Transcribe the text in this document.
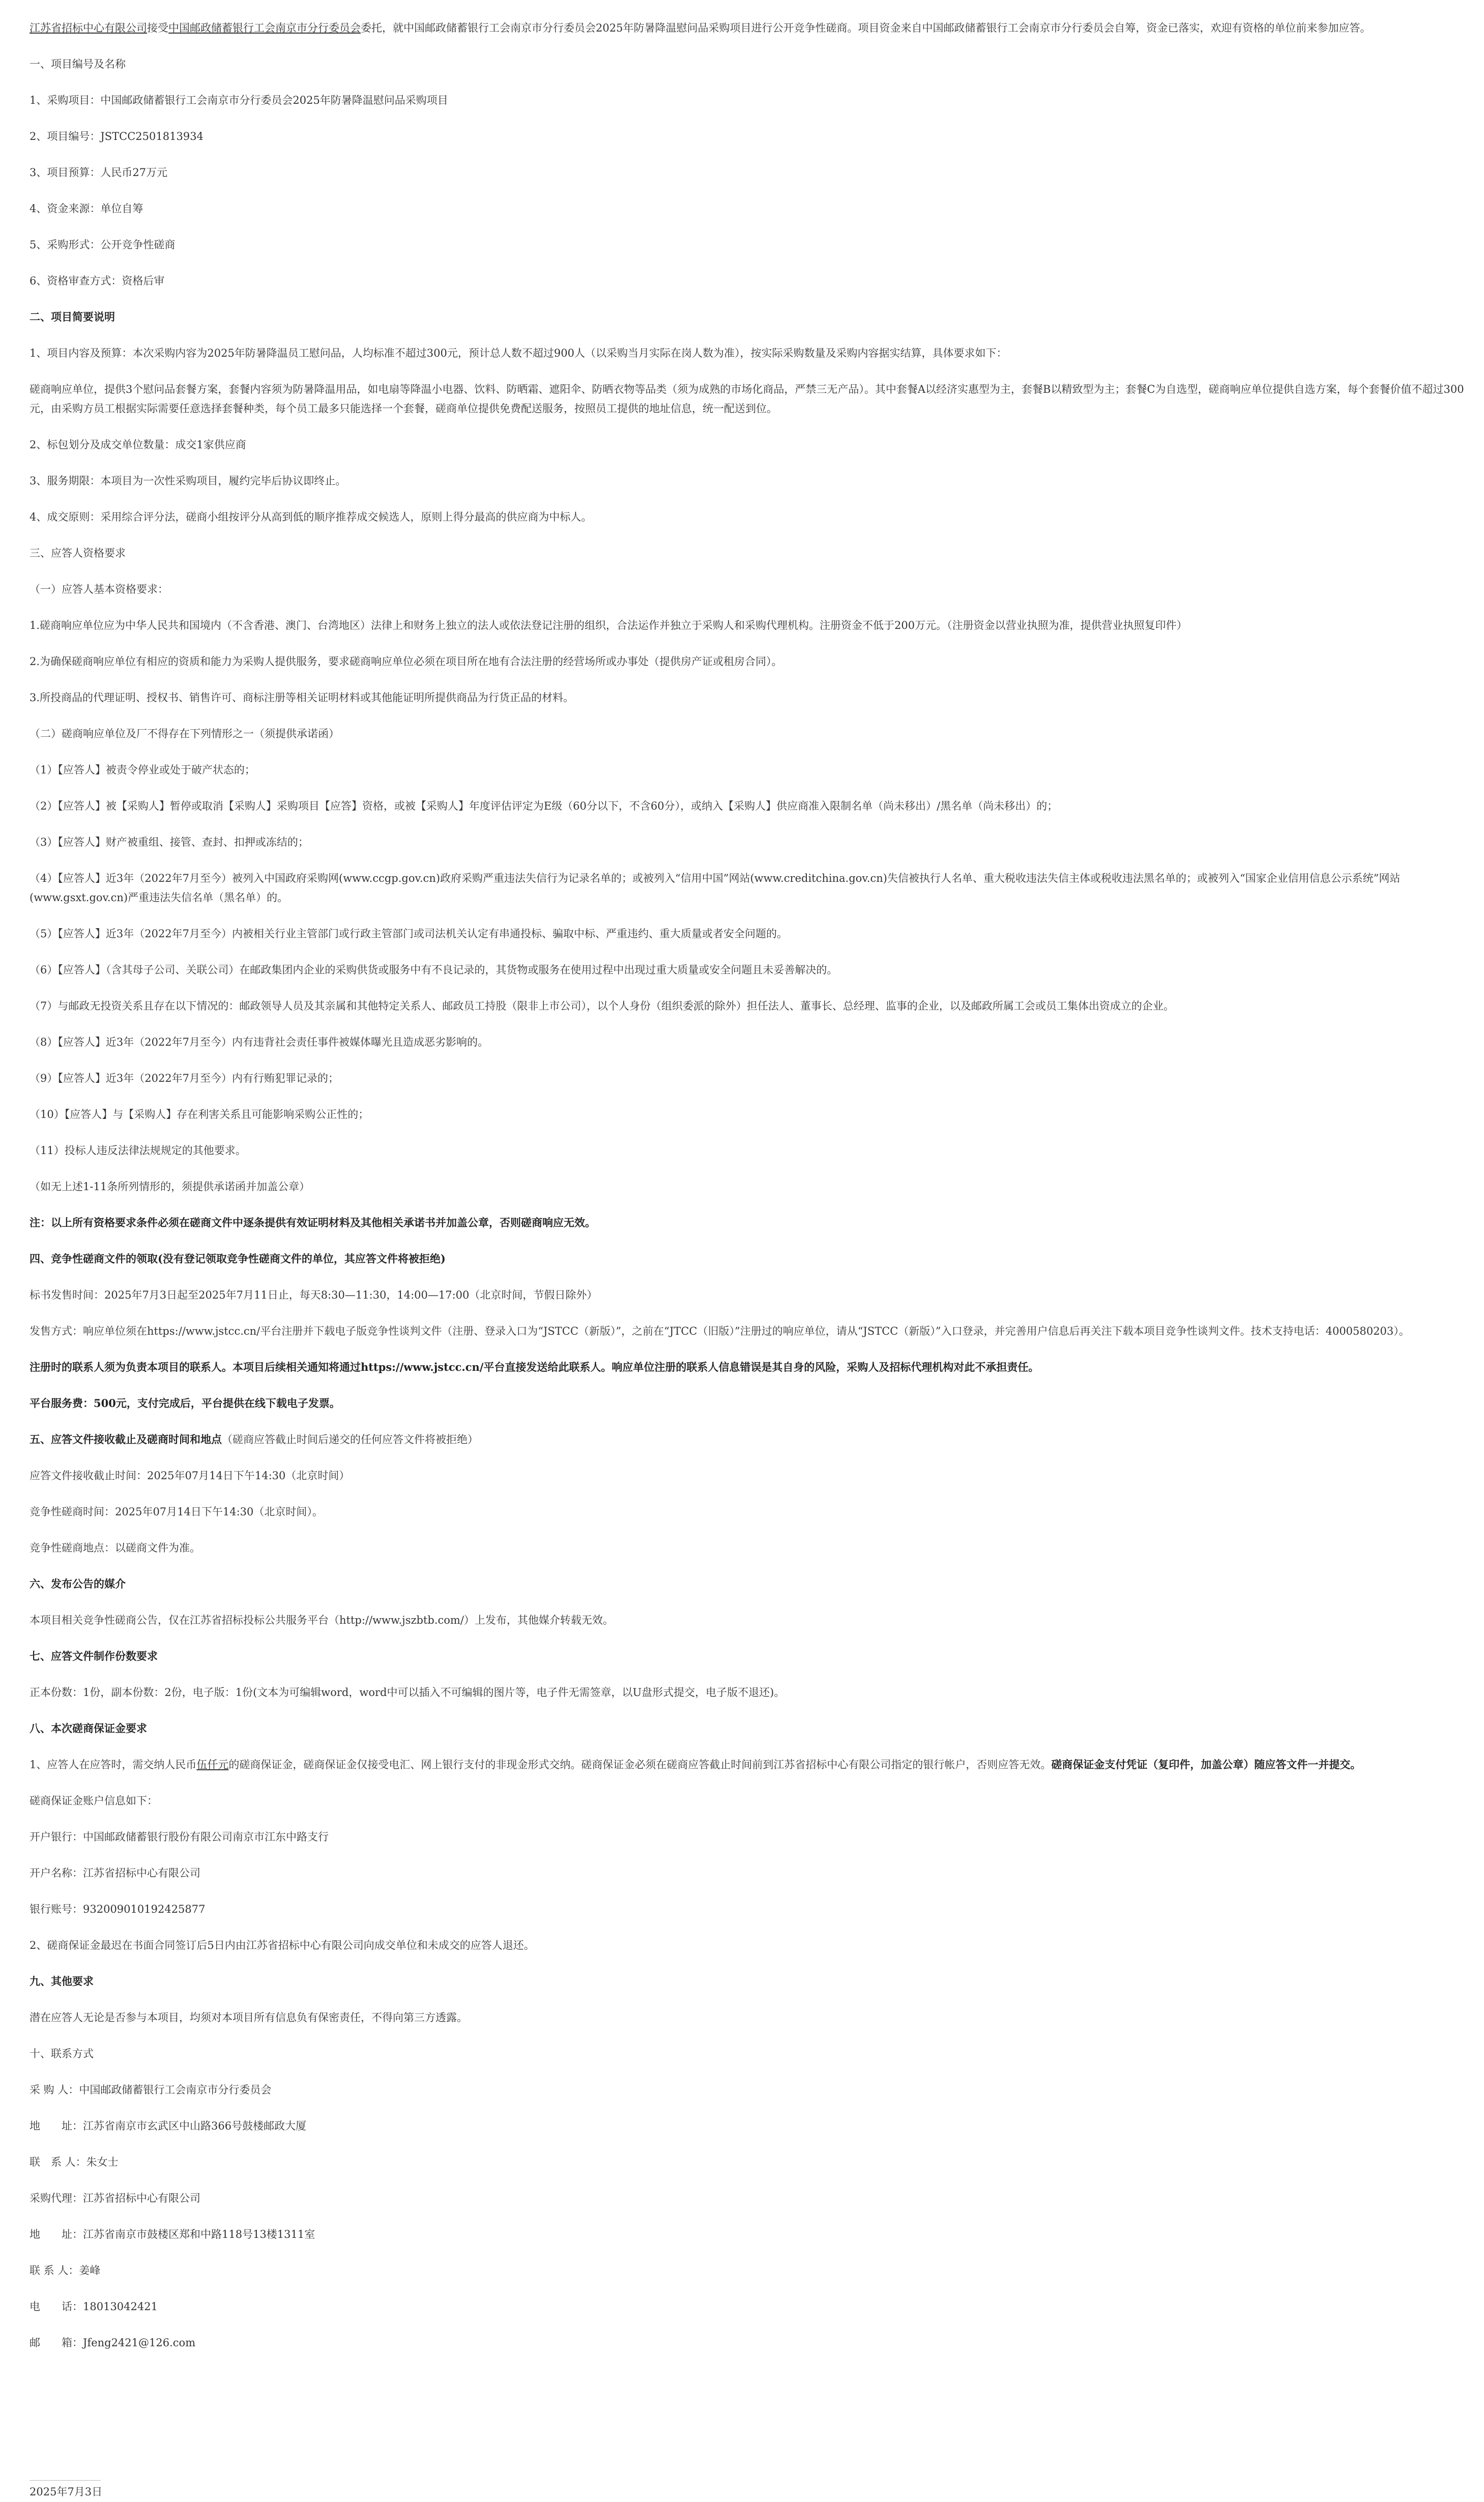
江苏省招标中心有限公司接受中国邮政储蓄银行工会南京市分行委员会委托，就中国邮政储蓄银行工会南京市分行委员会2025年防暑降温慰问品采购项目进行公开竞争性磋商。项目资金来自中国邮政储蓄银行工会南京市分行委员会自筹，资金已落实，欢迎有资格的单位前来参加应答。

一、项目编号及名称

1、采购项目：中国邮政储蓄银行工会南京市分行委员会2025年防暑降温慰问品采购项目

2、项目编号：JSTCC2501813934

3、项目预算：人民币27万元

4、资金来源：单位自筹

5、采购形式：公开竞争性磋商

6、资格审查方式：资格后审

二、项目简要说明

1、项目内容及预算：本次采购内容为2025年防暑降温员工慰问品，人均标准不超过300元，预计总人数不超过900人（以采购当月实际在岗人数为准），按实际采购数量及采购内容据实结算，具体要求如下：

磋商响应单位，提供3个慰问品套餐方案，套餐内容须为防暑降温用品，如电扇等降温小电器、饮料、防晒霜、遮阳伞、防晒衣物等品类（须为成熟的市场化商品，严禁三无产品）。其中套餐A以经济实惠型为主，套餐B以精致型为主；套餐C为自选型，磋商响应单位提供自选方案，每个套餐价值不超过300元，由采购方员工根据实际需要任意选择套餐种类，每个员工最多只能选择一个套餐，磋商单位提供免费配送服务，按照员工提供的地址信息，统一配送到位。

2、标包划分及成交单位数量：成交1家供应商

3、服务期限：本项目为一次性采购项目，履约完毕后协议即终止。

4、成交原则：采用综合评分法，磋商小组按评分从高到低的顺序推荐成交候选人，原则上得分最高的供应商为中标人。

三、应答人资格要求

（一）应答人基本资格要求：

1.磋商响应单位应为中华人民共和国境内（不含香港、澳门、台湾地区）法律上和财务上独立的法人或依法登记注册的组织，合法运作并独立于采购人和采购代理机构。注册资金不低于200万元。（注册资金以营业执照为准，提供营业执照复印件）

2.为确保磋商响应单位有相应的资质和能力为采购人提供服务，要求磋商响应单位必须在项目所在地有合法注册的经营场所或办事处（提供房产证或租房合同）。

3.所投商品的代理证明、授权书、销售许可、商标注册等相关证明材料或其他能证明所提供商品为行货正品的材料。

（二）磋商响应单位及厂不得存在下列情形之一（须提供承诺函）

（1）【应答人】被责令停业或处于破产状态的；

（2）【应答人】被【采购人】暂停或取消【采购人】采购项目【应答】资格，或被【采购人】年度评估评定为E级（60分以下，不含60分），或纳入【采购人】供应商准入限制名单（尚未移出）/黑名单（尚未移出）的；

（3）【应答人】财产被重组、接管、查封、扣押或冻结的；

（4）【应答人】近3年（2022年7月至今）被列入中国政府采购网(www.ccgp.gov.cn)政府采购严重违法失信行为记录名单的；或被列入“信用中国”网站(www.creditchina.gov.cn)失信被执行人名单、重大税收违法失信主体或税收违法黑名单的；或被列入“国家企业信用信息公示系统”网站(www.gsxt.gov.cn)严重违法失信名单（黑名单）的。

（5）【应答人】近3年（2022年7月至今）内被相关行业主管部门或行政主管部门或司法机关认定有串通投标、骗取中标、严重违约、重大质量或者安全问题的。

（6）【应答人】（含其母子公司、关联公司）在邮政集团内企业的采购供货或服务中有不良记录的，其货物或服务在使用过程中出现过重大质量或安全问题且未妥善解决的。

（7）与邮政无投资关系且存在以下情况的：邮政领导人员及其亲属和其他特定关系人、邮政员工持股（限非上市公司），以个人身份（组织委派的除外）担任法人、董事长、总经理、监事的企业，以及邮政所属工会或员工集体出资成立的企业。

（8）【应答人】近3年（2022年7月至今）内有违背社会责任事件被媒体曝光且造成恶劣影响的。

（9）【应答人】近3年（2022年7月至今）内有行贿犯罪记录的；

（10）【应答人】与【采购人】存在利害关系且可能影响采购公正性的；

（11）投标人违反法律法规规定的其他要求。

（如无上述1-11条所列情形的，须提供承诺函并加盖公章）

注：以上所有资格要求条件必须在磋商文件中逐条提供有效证明材料及其他相关承诺书并加盖公章，否则磋商响应无效。

四、竞争性磋商文件的领取(没有登记领取竞争性磋商文件的单位，其应答文件将被拒绝)

标书发售时间：2025年7月3日起至2025年7月11日止，每天8:30—11:30，14:00—17:00（北京时间，节假日除外）

发售方式：响应单位须在https://www.jstcc.cn/平台注册并下载电子版竞争性谈判文件（注册、登录入口为“JSTCC（新版）”，之前在“JTCC（旧版）”注册过的响应单位，请从“JSTCC（新版）”入口登录，并完善用户信息后再关注下载本项目竞争性谈判文件。技术支持电话：4000580203）。

注册时的联系人须为负责本项目的联系人。本项目后续相关通知将通过https://www.jstcc.cn/平台直接发送给此联系人。响应单位注册的联系人信息错误是其自身的风险，采购人及招标代理机构对此不承担责任。

平台服务费：500元，支付完成后，平台提供在线下载电子发票。

五、应答文件接收截止及磋商时间和地点（磋商应答截止时间后递交的任何应答文件将被拒绝）

应答文件接收截止时间：2025年07月14日下午14:30（北京时间）

竞争性磋商时间：2025年07月14日下午14:30（北京时间）。

竞争性磋商地点：以磋商文件为准。

六、发布公告的媒介

本项目相关竞争性磋商公告，仅在江苏省招标投标公共服务平台（http://www.jszbtb.com/）上发布，其他媒介转载无效。

七、应答文件制作份数要求

正本份数：1份，副本份数：2份，电子版：1份(文本为可编辑word，word中可以插入不可编辑的图片等，电子件无需签章，以U盘形式提交，电子版不退还)。

八、本次磋商保证金要求

1、应答人在应答时，需交纳人民币伍仟元的磋商保证金，磋商保证金仅接受电汇、网上银行支付的非现金形式交纳。磋商保证金必须在磋商应答截止时间前到江苏省招标中心有限公司指定的银行帐户，否则应答无效。磋商保证金支付凭证（复印件，加盖公章）随应答文件一并提交。

磋商保证金账户信息如下：

开户银行：中国邮政储蓄银行股份有限公司南京市江东中路支行

开户名称：江苏省招标中心有限公司

银行账号：932009010192425877

2、磋商保证金最迟在书面合同签订后5日内由江苏省招标中心有限公司向成交单位和未成交的应答人退还。

九、其他要求

潜在应答人无论是否参与本项目，均须对本项目所有信息负有保密责任，不得向第三方透露。

十、联系方式

采 购 人：中国邮政储蓄银行工会南京市分行委员会

地　　址：江苏省南京市玄武区中山路366号鼓楼邮政大厦

联　系 人：朱女士

采购代理：江苏省招标中心有限公司

地　　址：江苏省南京市鼓楼区郑和中路118号13楼1311室

联 系 人：姜峰

电　　话：18013042421

邮　　箱：Jfeng2421@126.com

2025年7月3日
